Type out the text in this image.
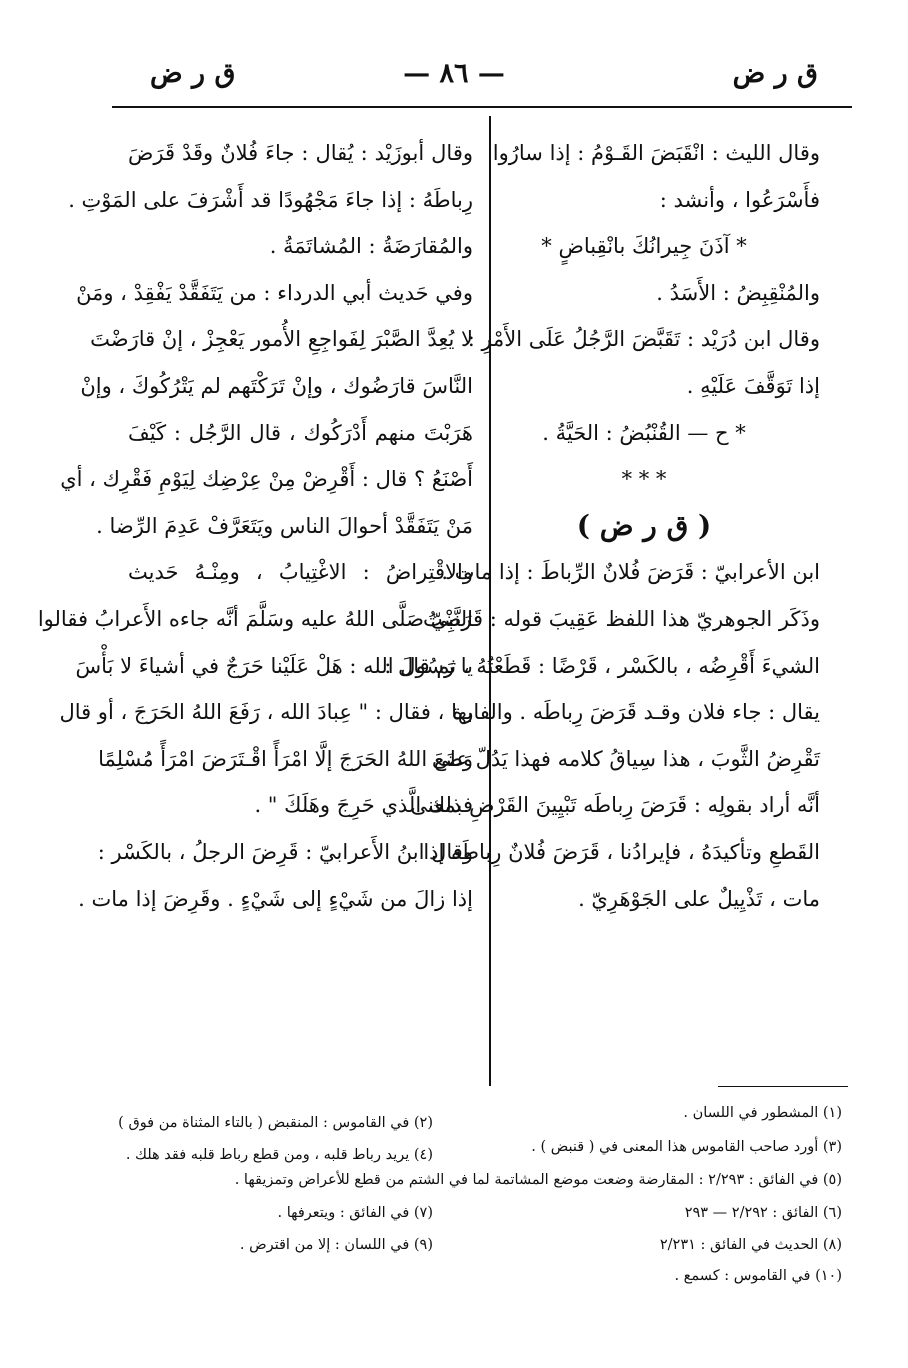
ق ر ض
— ٨٦ —
ق ر ض
وقال الليث : انْقَبَضَ القَـوْمُ : إذا سارُوا
فأَسْرَعُوا ، وأنشد :
* آذَنَ جِيرانُكَ بانْقِباضٍ *
والمُنْقِبِضُ : الأَسَدُ .
وقال ابن دُرَيْد : تَقَبَّضَ الرَّجُلُ عَلَى الأَمْرِ :
إذا تَوَقَّفَ عَلَيْهِ .
* ح — القُنْبُضُ : الحَيَّةُ .
* * *
( ق ر ض )
ابن الأعرابيّ : قَرَضَ فُلانٌ الرِّباطَ : إذا مات .
وذَكَر الجوهريّ هذا اللفظ عَقِيبَ قوله : قَرَضْتُ
الشيءَ أَقْرِضُه ، بالكَسْر ، قَرْضًا : قَطَعْتُهُ ، ثم قال :
يقال : جاء فلان وقـد قَرَضَ رِباطَه . والفارة
تَقْرِضُ الثَّوبَ ، هذا سِياقُ كلامه فهذا يَدُلّ على
أنَّه أراد بقولِه : قَرَضَ رِباطَه تَبْيِينَ القَرْضِ بمعنى
القَطعِ وتأكيدَهُ ، فإيرادُنا ، قَرَضَ فُلانٌ رِباطَه إذا
مات ، تَذْيِيلٌ على الجَوْهَرِيّ .
وقال أبوزَيْد : يُقال : جاءَ فُلانٌ وقَدْ قَرَضَ
رِباطَهُ : إذا جاءَ مَجْهُودًا قد أَشْرَفَ على المَوْتِ .
والمُقارَضَةُ : المُشاتَمَةُ .
وفي حَديث أبي الدرداء : من يَتَفَقَّدْ يَفْقِدْ ، ومَنْ
لا يُعِدَّ الصَّبْرَ لِفَواجِعِ الأُمور يَعْجِزْ ، إنْ قارَضْتَ
النَّاسَ قارَضُوك ، وإنْ تَرَكْتَهم لم يَتْرُكُوكَ ، وإنْ
هَرَبْتَ منهم أَدْرَكُوك ، قال الرَّجُل : كَيْفَ
أَصْنَعُ ؟ قال : أَقْرِضْ مِنْ عِرْضِك لِيَوْمِ فَقْرِك ، أي
مَنْ يَتَفَقَّدْ أحوالَ الناس ويَتَعَرَّفْ عَدِمَ الرِّضا .
والاقْتِراضُ : الاغْتِيابُ ، ومِنْـهُ حَديث
النَّبِيّ صَلَّى اللهُ عليه وسَلَّمَ أنَّه جاءه الأَعرابُ فقالوا
يا رَسُولَ الله : هَلْ عَلَيْنا حَرَجٌ في أشياءَ لا بَأْسَ
بها ، فقال : " عِبادَ الله ، رَفَعَ اللهُ الحَرَجَ ، أو قال
وَضَعَ اللهُ الحَرَجَ إلَّا امْرَأً اقْـتَرَضَ امْرَأً مُسْلِمًا
فذلك الَّذي حَرِجَ وهَلَكَ " .
وقال ابنُ الأَعرابيّ : قَرِضَ الرجلُ ، بالكَسْر :
إذا زالَ من شَيْءٍ إلى شَيْءٍ . وقَرِضَ إذا مات .
(١) المشطور في اللسان .
(٢) في القاموس : المنقبض ( بالتاء المثناة من فوق )
(٣) أورد صاحب القاموس هذا المعنى في ( قنبض ) .
(٤) يريد رباط قلبه ، ومن قطع رباط قلبه فقد هلك .
(٥) في الفائق : ٢/٢٩٣ : المقارضة وضعت موضع المشاتمة لما في الشتم من قطع للأعراض وتمزيقها .
(٦) الفائق : ٢/٢٩٢ — ٢٩٣
(٧) في الفائق : ويتعرفها .
(٨) الحديث في الفائق : ٢/٢٣١
(٩) في اللسان : إلا من اقترض .
(١٠) في القاموس : كسمع .
